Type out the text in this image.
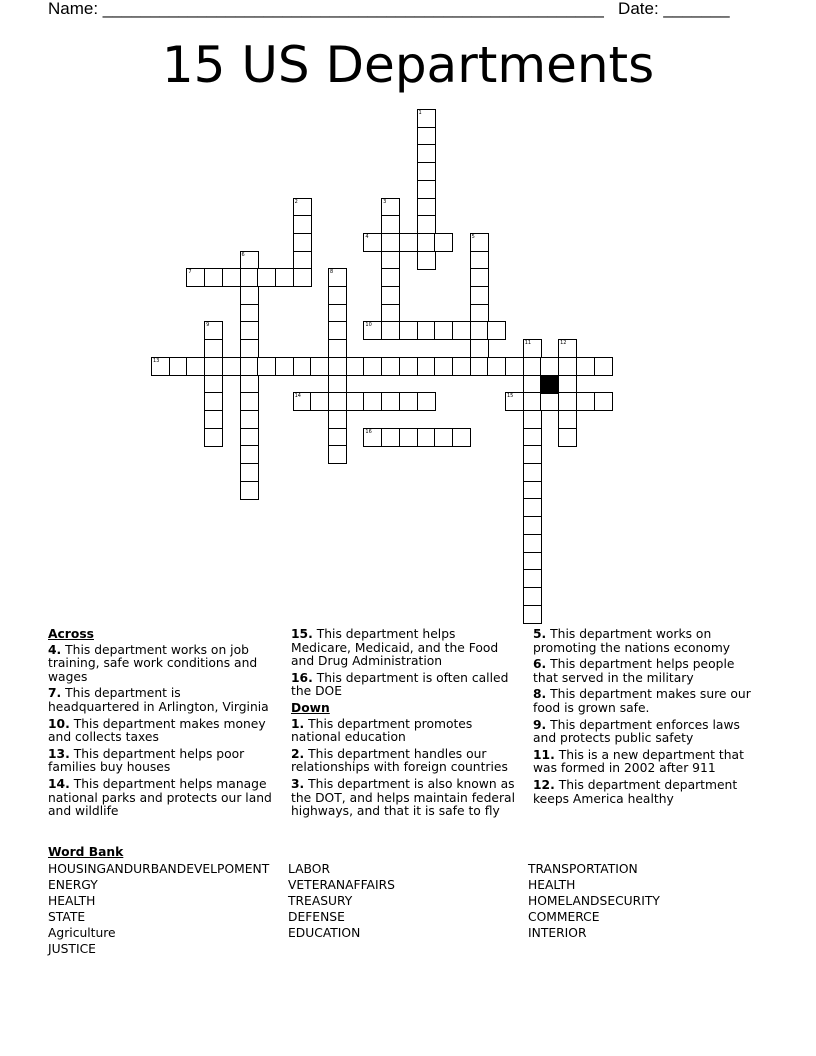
Name: _____________________________________________________   Date: _______
15 US Departments
1
2	3
4	5
6
7	8
9	10
11	12
13
14	15
16
Across
4. This department works on job training, safe work conditions and wages
7. This department is headquartered in Arlington, Virginia
10. This department makes money and collects taxes
13. This department helps poor families buy houses
14. This department helps manage national parks and protects our land and wildlife
15. This department helps Medicare, Medicaid, and the Food and Drug Administration
16. This department is often called the DOE
Down
1. This department promotes national education
2. This department handles our relationships with foreign countries
3. This department is also known as the DOT, and helps maintain federal highways, and that it is safe to fly
5. This department works on promoting the nations economy
6. This department helps people that served in the military
8. This department makes sure our food is grown safe.
9. This department enforces laws and protects public safety
11. This is a new department that was formed in 2002 after 911
12. This department department keeps America healthy
Word Bank
HOUSINGANDURBANDEVELPOMENT
ENERGY
HEALTH
STATE
Agriculture
JUSTICE
LABOR
VETERANAFFAIRS
TREASURY
DEFENSE
EDUCATION
TRANSPORTATION
HEALTH
HOMELANDSECURITY
COMMERCE
INTERIOR
